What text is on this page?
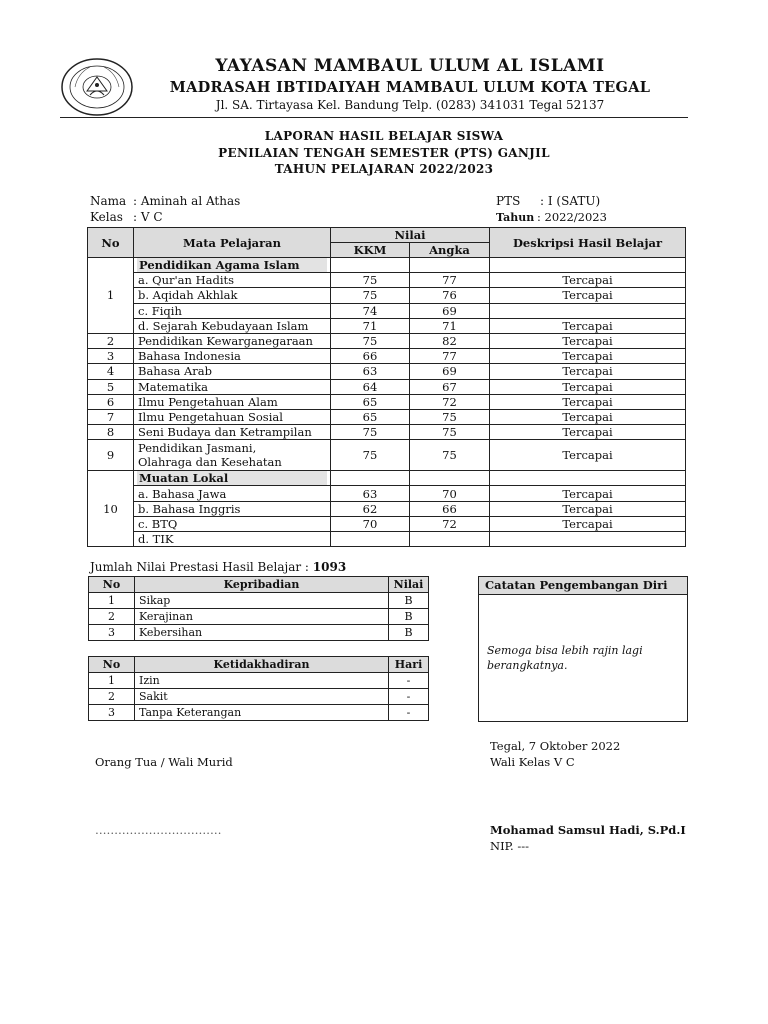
YAYASAN MAMBAUL ULUM AL ISLAMI
MADRASAH IBTIDAIYAH MAMBAUL ULUM KOTA TEGAL
Jl. SA. Tirtayasa Kel. Bandung Telp. (0283) 341031 Tegal 52137
LAPORAN HASIL BELAJAR SISWA
PENILAIAN TENGAH SEMESTER (PTS) GANJIL
TAHUN PELAJARAN 2022/2023
Nama : Aminah al Athas
Kelas : V C
PTS : I (SATU)
Tahun : 2022/2023
No	Mata Pelajaran	Nilai		Deskripsi Hasil Belajar
		KKM	Angka	
1	Pendidikan Agama Islam			
	a. Qur'an Hadits	75	77	Tercapai
	b. Aqidah Akhlak	75	76	Tercapai
	c. Fiqih	74	69	
	d. Sejarah Kebudayaan Islam	71	71	Tercapai
2	Pendidikan Kewarganegaraan	75	82	Tercapai
3	Bahasa Indonesia	66	77	Tercapai
4	Bahasa Arab	63	69	Tercapai
5	Matematika	64	67	Tercapai
6	Ilmu Pengetahuan Alam	65	72	Tercapai
7	Ilmu Pengetahuan Sosial	65	75	Tercapai
8	Seni Budaya dan Ketrampilan	75	75	Tercapai
9	Pendidikan Jasmani,
Olahraga dan Kesehatan	75	75	Tercapai
10	Muatan Lokal			
	a. Bahasa Jawa	63	70	Tercapai
	b. Bahasa Inggris	62	66	Tercapai
	c. BTQ	70	72	Tercapai
	d. TIK			
Jumlah Nilai Prestasi Hasil Belajar : 1093
No	Kepribadian	Nilai
1	Sikap	B
2	Kerajinan	B
3	Kebersihan	B
No	Ketidakhadiran	Hari
1	Izin	-
2	Sakit	-
3	Tanpa Keterangan	-
Catatan Pengembangan Diri
Semoga bisa lebih rajin lagi
berangkatnya.
Tegal, 7 Oktober 2022
Orang Tua / Wali Murid	Wali Kelas V C
……………………………	Mohamad Samsul Hadi, S.Pd.I
NIP. ---
